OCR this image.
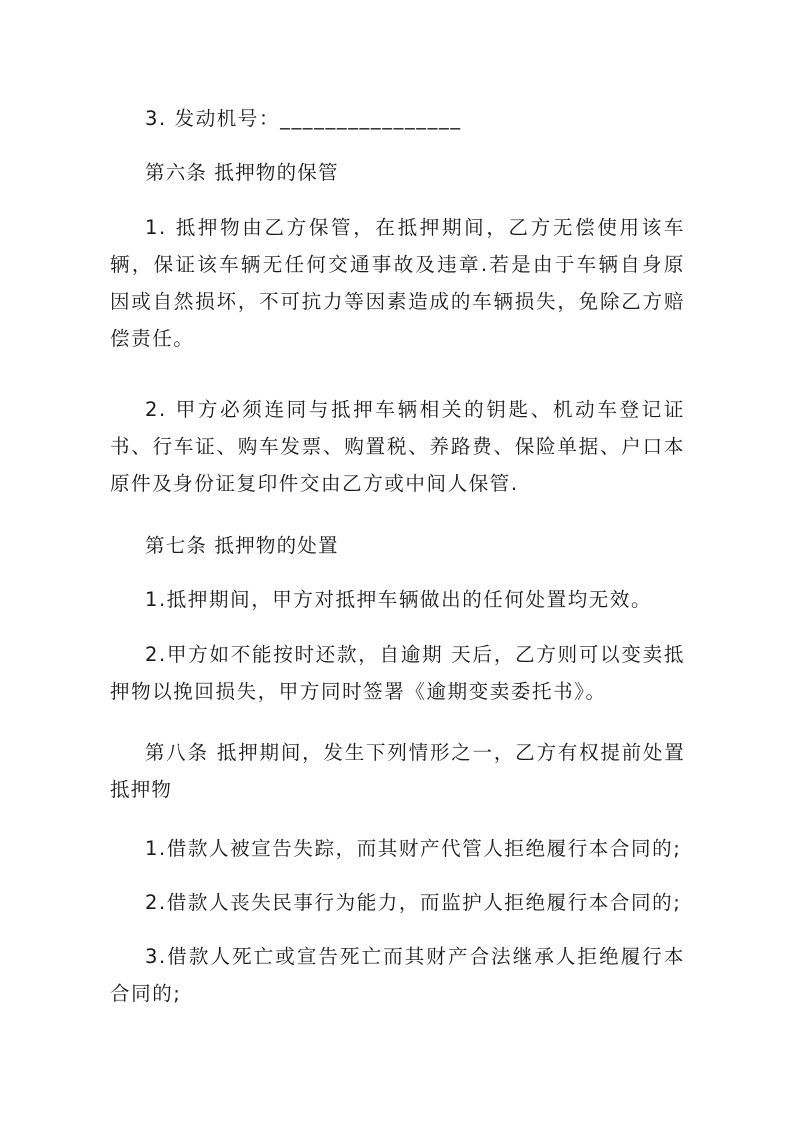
3. 发动机号：________________

第六条 抵押物的保管

1. 抵押物由乙方保管，在抵押期间，乙方无偿使用该车辆，保证该车辆无任何交通事故及违章.若是由于车辆自身原因或自然损坏，不可抗力等因素造成的车辆损失，免除乙方赔偿责任。

2. 甲方必须连同与抵押车辆相关的钥匙、机动车登记证书、行车证、购车发票、购置税、养路费、保险单据、户口本原件及身份证复印件交由乙方或中间人保管.

第七条 抵押物的处置

1.抵押期间，甲方对抵押车辆做出的任何处置均无效。

2.甲方如不能按时还款，自逾期 天后，乙方则可以变卖抵押物以挽回损失，甲方同时签署《逾期变卖委托书》。

第八条 抵押期间，发生下列情形之一，乙方有权提前处置抵押物

1.借款人被宣告失踪，而其财产代管人拒绝履行本合同的;

2.借款人丧失民事行为能力，而监护人拒绝履行本合同的;

3.借款人死亡或宣告死亡而其财产合法继承人拒绝履行本合同的;
